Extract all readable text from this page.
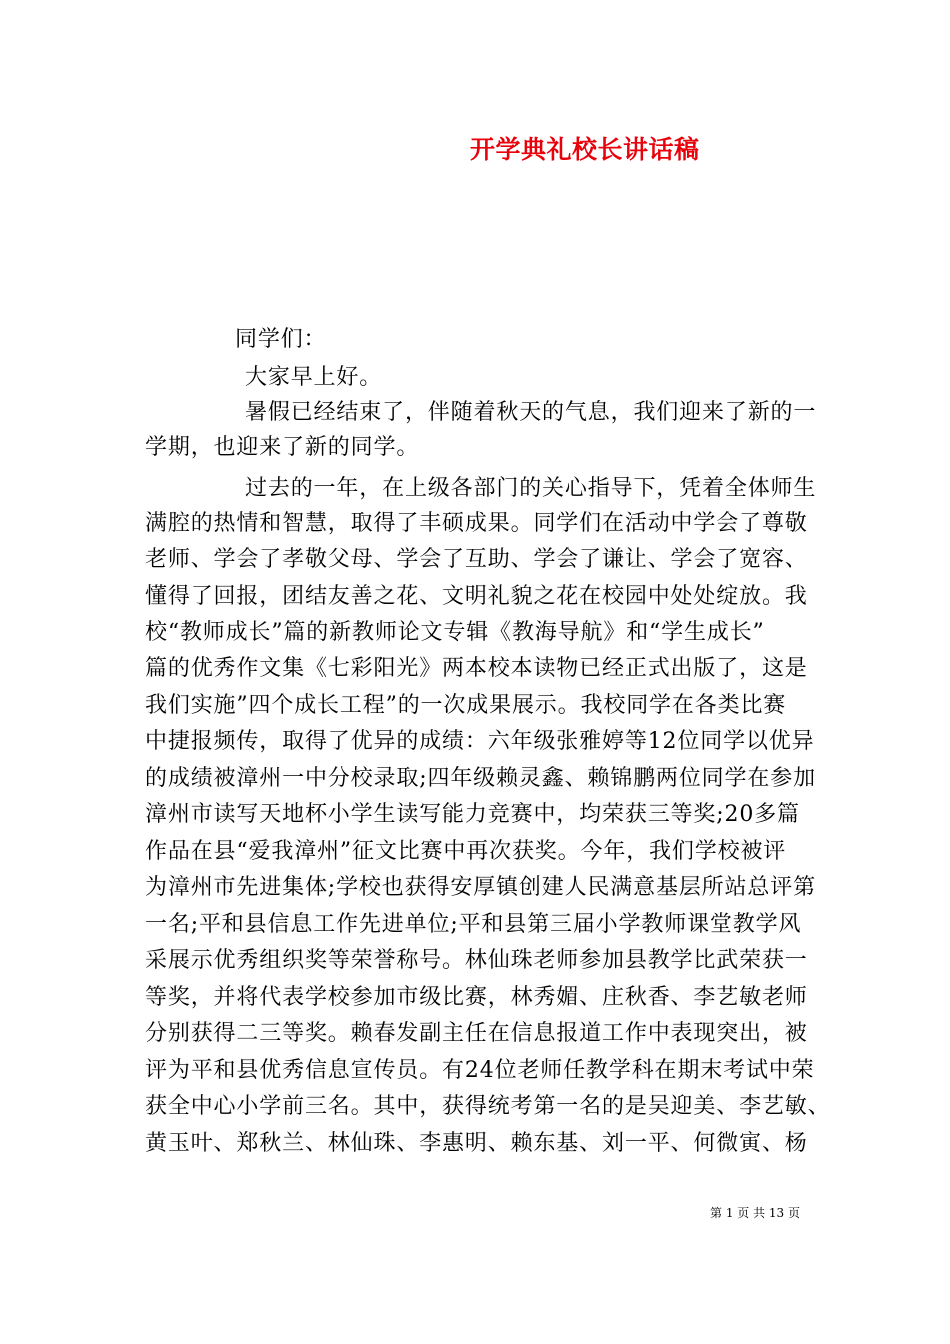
开学典礼校长讲话稿
同学们：
大家早上好。
暑假已经结束了，伴随着秋天的气息，我们迎来了新的一
学期，也迎来了新的同学。
过去的一年，在上级各部门的关心指导下，凭着全体师生
满腔的热情和智慧，取得了丰硕成果。同学们在活动中学会了尊敬
老师、学会了孝敬父母、学会了互助、学会了谦让、学会了宽容、
懂得了回报，团结友善之花、文明礼貌之花在校园中处处绽放。我
校“教师成长”篇的新教师论文专辑《教海导航》和“学生成长”
篇的优秀作文集《七彩阳光》两本校本读物已经正式出版了，这是
我们实施”四个成长工程”的一次成果展示。我校同学在各类比赛
中捷报频传，取得了优异的成绩：六年级张雅婷等12位同学以优异
的成绩被漳州一中分校录取;四年级赖灵鑫、赖锦鹏两位同学在参加
漳州市读写天地杯小学生读写能力竞赛中，均荣获三等奖;20多篇
作品在县“爱我漳州”征文比赛中再次获奖。今年，我们学校被评
为漳州市先进集体;学校也获得安厚镇创建人民满意基层所站总评第
一名;平和县信息工作先进单位;平和县第三届小学教师课堂教学风
采展示优秀组织奖等荣誉称号。林仙珠老师参加县教学比武荣获一
等奖，并将代表学校参加市级比赛，林秀媚、庄秋香、李艺敏老师
分别获得二三等奖。赖春发副主任在信息报道工作中表现突出，被
评为平和县优秀信息宣传员。有24位老师任教学科在期末考试中荣
获全中心小学前三名。其中，获得统考第一名的是吴迎美、李艺敏、
黄玉叶、郑秋兰、林仙珠、李惠明、赖东基、刘一平、何微寅、杨
第 1 页 共 13 页
